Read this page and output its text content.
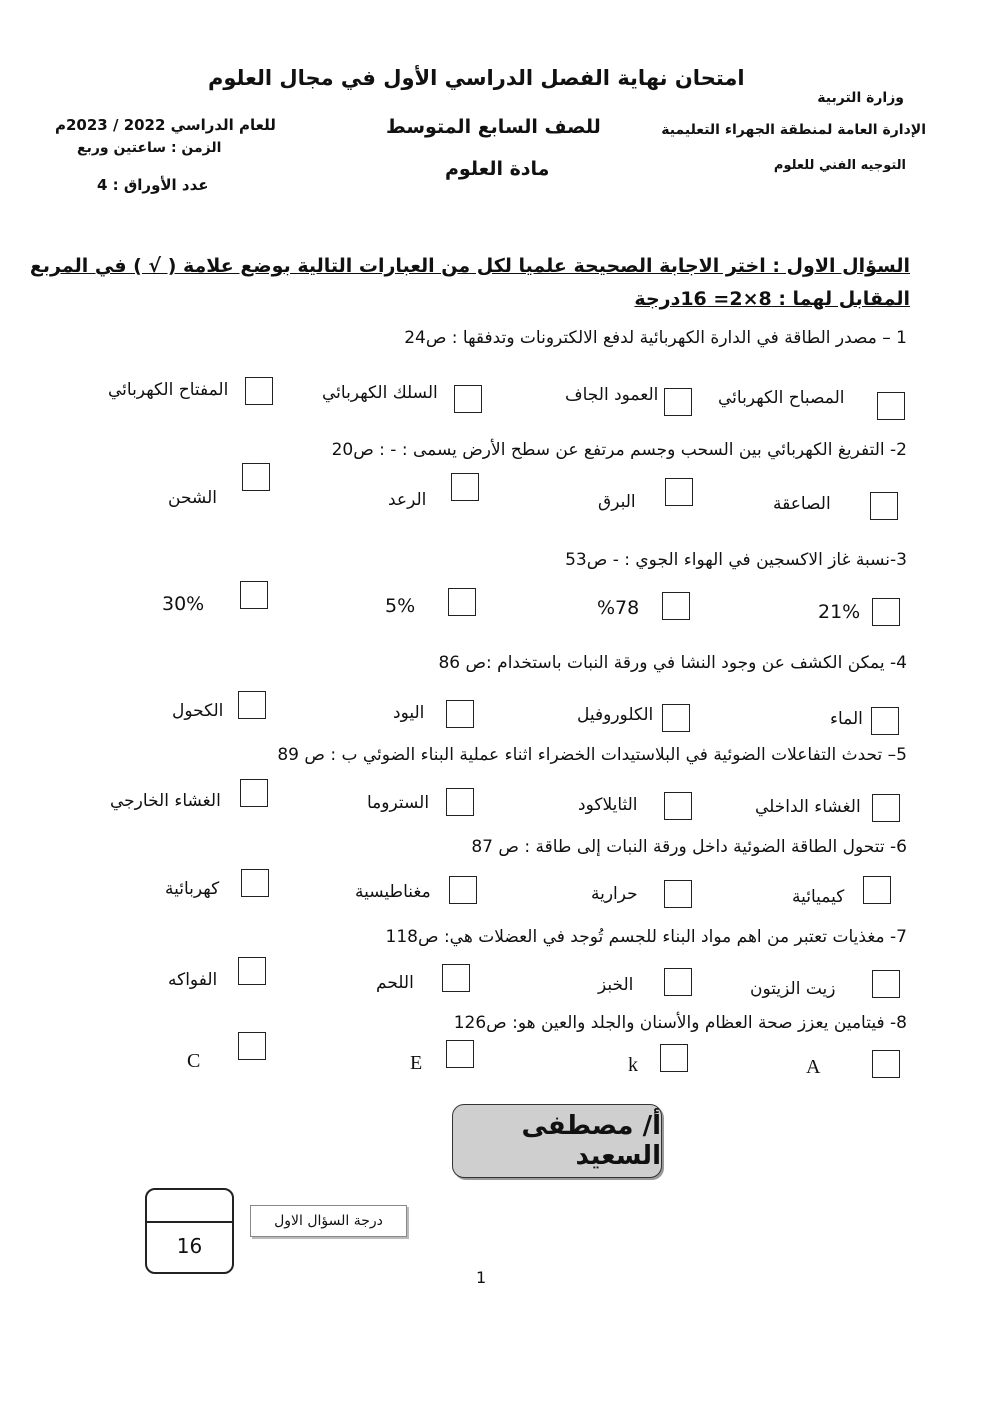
امتحان نهاية الفصل الدراسي الأول في مجال العلوم
وزارة التربية
للصف السابع المتوسط	الإدارة العامة لمنطقة الجهراء التعليمية
للعام الدراسي 2022 / 2023م
الزمن : ساعتين وربع
مادة العلوم	التوجيه الفني للعلوم
عدد الأوراق : 4
السؤال الاول : اختر الاجابة الصحيحة علميا لكل من العبارات التالية بوضع علامة ( √ ) في المربع
المقابل لهما : 8×2= 16درجة
1 – مصدر الطاقة في الدارة الكهربائية لدفع الالكترونات وتدفقها : ص24
المصباح الكهربائي
العمود الجاف
السلك الكهربائي
المفتاح الكهربائي
2- التفريغ الكهربائي بين السحب وجسم مرتفع عن سطح الأرض يسمى : - : ص20
الصاعقة
البرق
الرعد
الشحن
3-نسبة غاز الاكسجين في الهواء الجوي : - ص53
21%
%78
5%
30%
4- يمكن الكشف عن وجود النشا في ورقة النبات باستخدام :ص 86
الماء
الكلوروفيل
اليود
الكحول
5– تحدث التفاعلات الضوئية في البلاستيدات الخضراء اثناء عملية البناء الضوئي ب : ص 89
الغشاء الداخلي
الثايلاكود
الستروما
الغشاء الخارجي
6- تتحول الطاقة الضوئية داخل ورقة النبات إلى طاقة : ص 87
كيميائية
حرارية
مغناطيسية
كهربائية
7- مغذيات تعتبر من اهم مواد البناء للجسم تُوجد في العضلات هي: ص118
زيت الزيتون
الخبز
اللحم
الفواكه
8- فيتامين يعزز صحة العظام والأسنان والجلد والعين هو: ص126
A
k
E
C
أ/ مصطفى السعيد
16
درجة السؤال الاول
1
